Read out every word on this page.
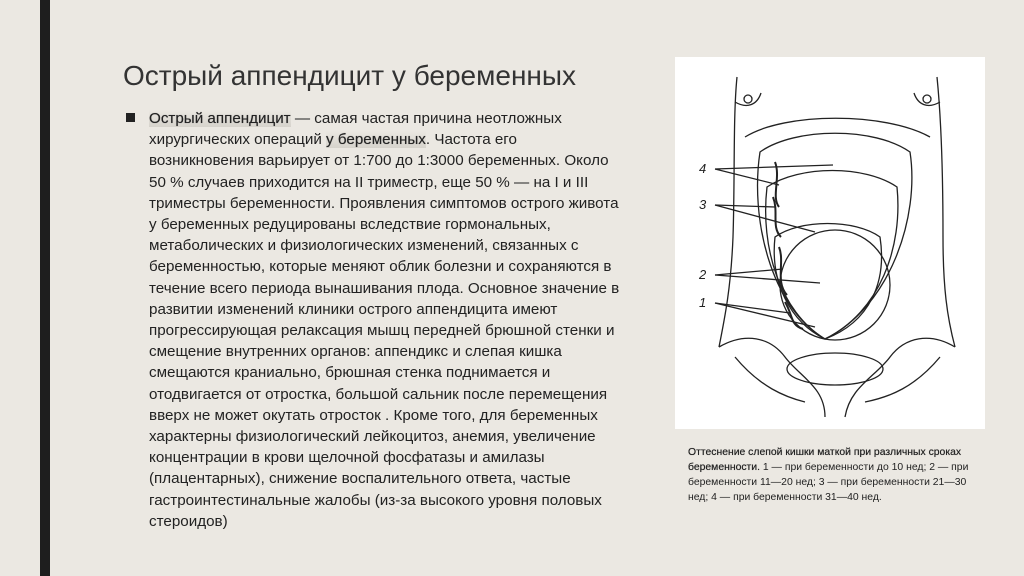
Острый аппендицит у беременных
Острый аппендицит — самая частая причина неотложных хирургических операций у беременных. Частота его возникновения варьирует от 1:700 до 1:3000 беременных. Около 50 % случаев приходится на II триместр, еще 50 % — на I и III триместры беременности. Проявления симптомов острого живота у беременных редуцированы вследствие гормональных, метаболических и физиологических изменений, связанных с беременностью, которые меняют облик болезни и сохраняются в течение всего периода вынашивания плода. Основное значение в развитии изменений клиники острого аппендицита имеют прогрессирующая релаксация мышц передней брюшной стенки и смещение внутренних органов: аппендикс и слепая кишка смещаются краниально, брюшная стенка поднимается и отодвигается от отростка, большой сальник после перемещения вверх не может окутать отросток . Кроме того, для беременных характерны физиологический лейкоцитоз, анемия, увеличение концентрации в крови щелочной фосфатазы и амилазы (плацентарных), снижение воспалительного ответа, частые гастроинтестинальные жалобы (из-за высокого уровня половых стероидов)
4
3
2
1
Оттеснение слепой кишки маткой при различных сроках беременности. 1 — при беременности до 10 нед; 2 — при беременности 11—20 нед; 3 — при беременности 21—30 нед; 4 — при беременности 31—40 нед.
